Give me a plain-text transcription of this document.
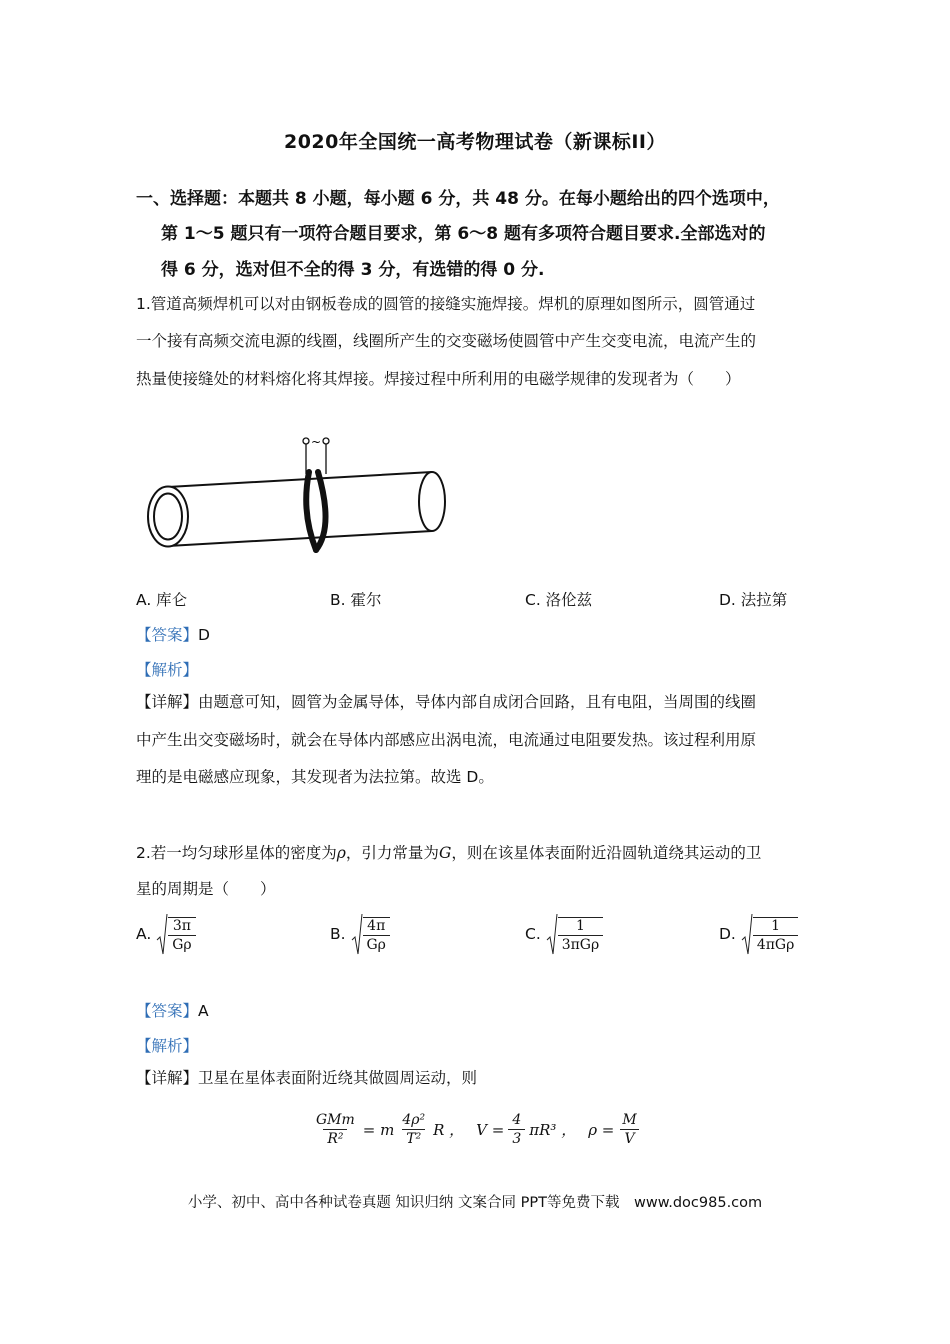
2020年全国统一高考物理试卷（新课标II）
一、选择题：本题共 8 小题，每小题 6 分，共 48 分。在每小题给出的四个选项中，
第 1～5 题只有一项符合题目要求，第 6～8 题有多项符合题目要求.全部选对的
得 6 分，选对但不全的得 3 分，有选错的得 0 分.
1.管道高频焊机可以对由钢板卷成的圆管的接缝实施焊接。焊机的原理如图所示，圆管通过
一个接有高频交流电源的线圈，线圈所产生的交变磁场使圆管中产生交变电流，电流产生的
热量使接缝处的材料熔化将其焊接。焊接过程中所利用的电磁学规律的发现者为（　　）
~
A. 库仑	B. 霍尔	C. 洛伦兹	D. 法拉第
【答案】D
【解析】
【详解】由题意可知，圆管为金属导体，导体内部自成闭合回路，且有电阻，当周围的线圈
中产生出交变磁场时，就会在导体内部感应出涡电流，电流通过电阻要发热。该过程利用原
理的是电磁感应现象，其发现者为法拉第。故选 D。
2.若一均匀球形星体的密度为ρ，引力常量为G，则在该星体表面附近沿圆轨道绕其运动的卫
星的周期是（　　）
A. $\frac{3\pi}{G\rho}$	B. $\frac{4\pi}{G\rho}$	C. $\frac{1}{\text{3πGρ}}$	D. $\frac{1}{\text{4πGρ}}$
【答案】A
【解析】
【详解】卫星在星体表面附近绕其做圆周运动，则
$\frac{\text{GMm}}{\text{R²}} = m \frac{\text{4ρ²}}{\text{T²}}$ R ， $V = \frac{4}{3} \pi R^3$ ， $\rho = \frac{M}{V}$
小学、初中、高中各种试卷真题 知识归纳 文案合同 PPT等免费下载　www.doc985.com
